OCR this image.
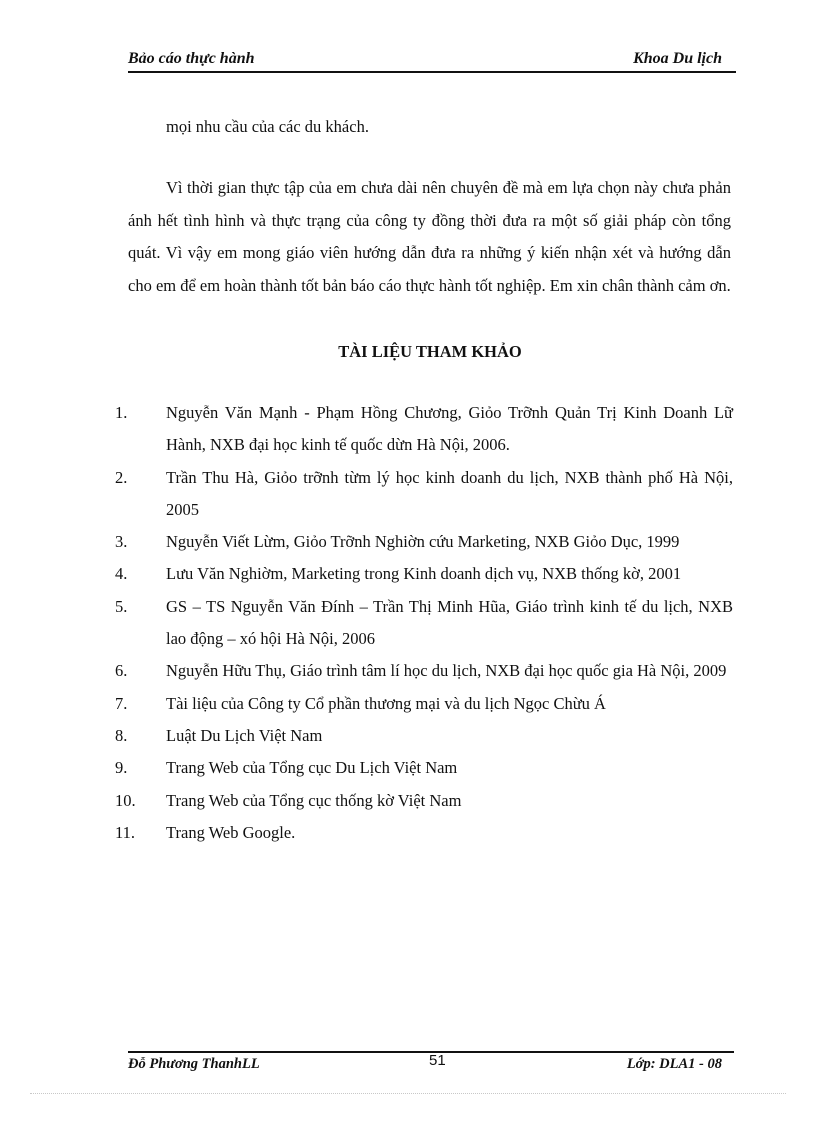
Bảo cáo thực hành	Khoa Du lịch
mọi nhu cầu của các du khách.
Vì thời gian thực tập của em chưa dài nên chuyên đề mà em lựa chọn này chưa phản ánh hết tình hình và thực trạng của công ty đồng thời đưa ra một số giải pháp còn tổng quát. Vì vậy em mong giáo viên hướng dẫn đưa ra những ý kiến nhận xét và hướng dẫn cho em để em hoàn thành tốt bản báo cáo thực hành tốt nghiệp. Em xin chân thành cảm ơn.
TÀI LIỆU THAM KHẢO
1.	Nguyễn Văn Mạnh - Phạm Hồng Chương, Giỏo Trỡnh Quản Trị Kinh Doanh Lữ Hành, NXB đại học kinh tế quốc dừn Hà Nội, 2006.
2.	Trần Thu Hà, Giỏo trỡnh từm lý học kinh doanh du lịch, NXB thành phố Hà Nội, 2005
3.	Nguyễn Viết Lừm, Giỏo Trỡnh Nghiờn cứu Marketing, NXB Giỏo Dục, 1999
4.	Lưu Văn Nghiờm, Marketing trong Kinh doanh dịch vụ, NXB thống kờ, 2001
5.	GS – TS Nguyễn Văn Đính – Trần Thị Minh Hũa, Giáo trình kinh tế du lịch, NXB lao động – xó hội Hà Nội, 2006
6.	Nguyễn Hữu Thụ, Giáo trình tâm lí học du lịch, NXB đại học quốc gia Hà Nội, 2009
7.	Tài liệu của Công ty Cổ phần thương mại và du lịch Ngọc Chừu Á
8.	Luật Du Lịch Việt Nam
9.	Trang Web của Tổng cục Du Lịch Việt Nam
10.	Trang Web của Tổng cục thống kờ Việt Nam
11.	Trang Web Google.
Đỗ Phương ThanhLL	Lớp: DLA1 - 08
51
